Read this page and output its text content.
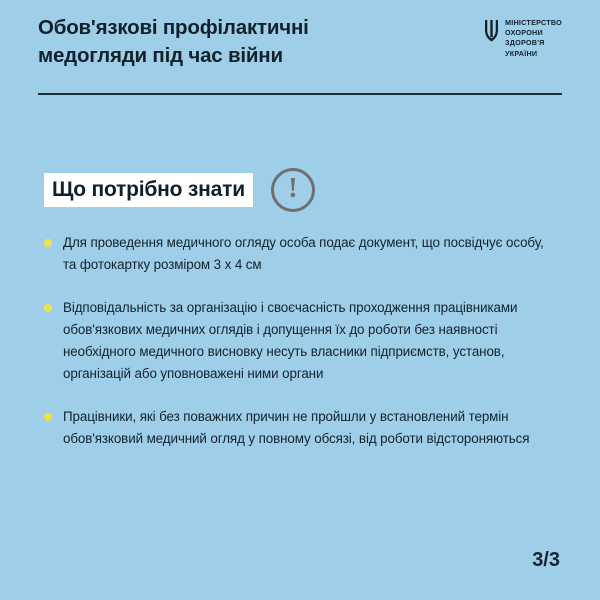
Обов'язкові профілактичні
медогляди під час війни
МІНІСТЕРСТВО
ОХОРОНИ
ЗДОРОВ'Я
УКРАЇНИ
Що потрібно знати !
Для проведення медичного огляду особа подає документ, що посвідчує особу, та фотокартку розміром 3 х 4 см
Відповідальність за організацію і своєчасність проходження працівниками обов'язкових медичних оглядів і допущення їх до роботи без наявності необхідного медичного висновку несуть власники підприємств, установ, організацій або уповноважені ними органи
Працівники, які без поважних причин не пройшли у встановлений термін обов'язковий медичний огляд у повному обсязі, від роботи відстороняються
3/3
